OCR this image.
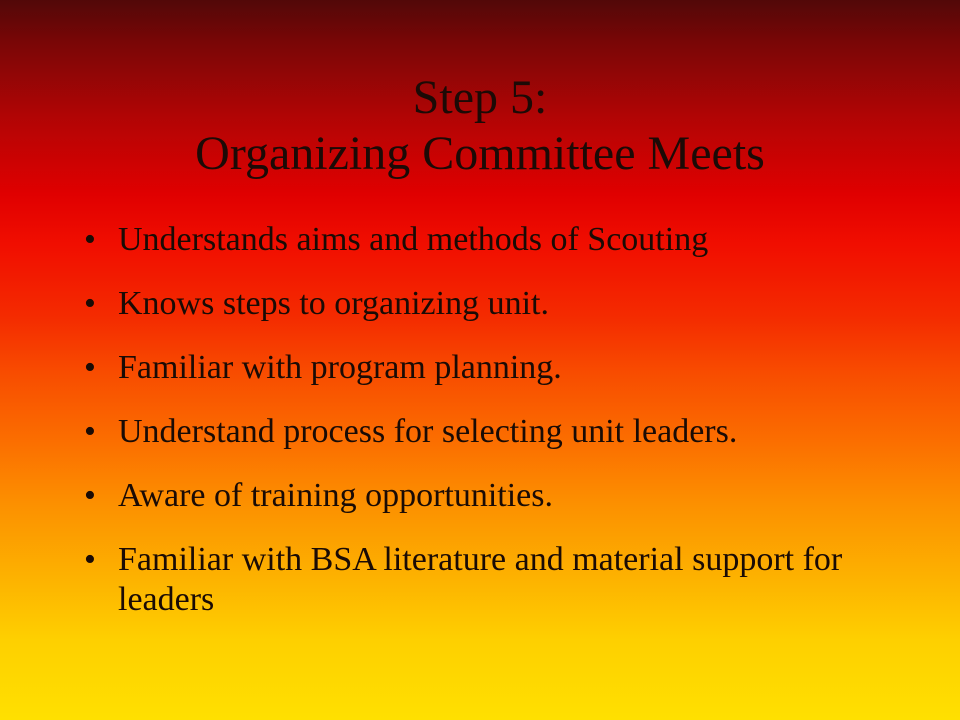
Step 5:
Organizing Committee Meets
• Understands aims and methods of Scouting
• Knows steps to organizing unit.
• Familiar with program planning.
• Understand process for selecting unit leaders.
• Aware of training opportunities.
• Familiar with BSA literature and material support for leaders
